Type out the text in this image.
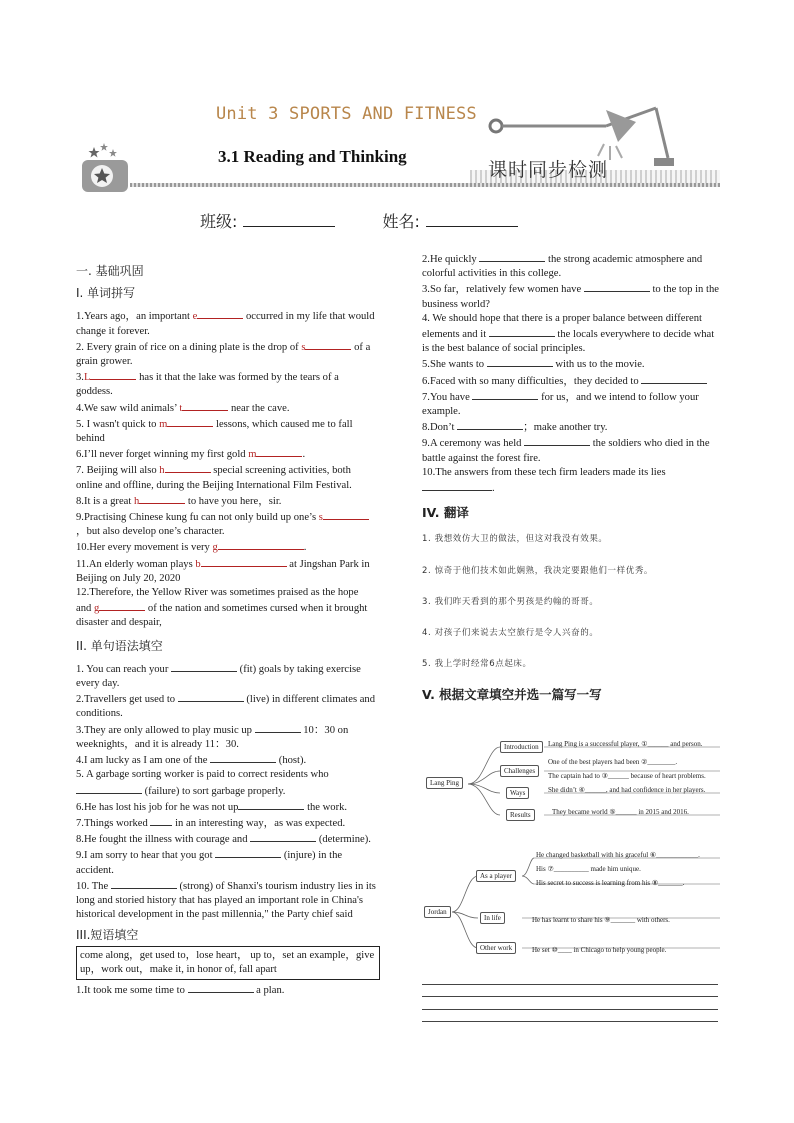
Unit 3 SPORTS AND FITNESS
3.1 Reading and Thinking
课时同步检测
班级:	姓名:
一. 基础巩固
I. 单词拼写
1.Years ago，an important e	occurred in my life that would change it forever.
2. Every grain of rice on a dining plate is the drop of s	of a grain grower.
3.L	has it that the lake was formed by the tears of a goddess.
4.We saw wild animals’ t	near the cave.
5. I wasn't quick to m	lessons, which caused me to fall behind
6.I’ll never forget winning my first gold m	.
7. Beijing will also h	special screening activities, both online and offline, during the Beijing International Film Festival.
8.It is a great h	to have you here，sir.
9.Practising Chinese kung fu can not only build up one’s s，but also develop one’s character.
10.Her every movement is very g	.
11.An elderly woman plays b	at Jingshan Park in Beijing on July 20, 2020
12.Therefore, the Yellow River was sometimes praised as the hope and g	of the nation and sometimes cursed when it brought disaster and despair,
II. 单句语法填空
1. You can reach your	(fit) goals by taking exercise every day.
2.Travellers get used to	(live) in different climates and conditions.
3.They are only allowed to play music up	10：30 on weeknights，and it is already 11：30.
4.I am lucky as I am one of the	(host).
5. A garbage sorting worker is paid to correct residents who  (failure) to sort garbage properly.
6.He has lost his job for he was not up	the work.
7.Things worked  in an interesting way，as was expected.
8.He fought the illness with courage and	(determine).
9.I am sorry to hear that you got	(injure) in the accident.
10. The	(strong) of Shanxi's tourism industry lies in its long and storied history that has played an important role in China's historical development in the past millennia," the Party chief said
III.短语填空
come along，get used to，lose heart， up to，set an example，give up，work out，make it, in honor of, fall apart
1.It took me some time to	a plan.
2.He quickly	the strong academic atmosphere and colorful activities in this college.
3.So far，relatively few women have	to the top in the business world?
4. We should hope that there is a proper balance between different elements and it	the locals everywhere to decide what is the best balance of social principles.
5.She wants to	with us to the movie.
6.Faced with so many difficulties，they decided to
7.You have	for us，and we intend to follow your example.
8.Don’t	；make another try.
9.A ceremony was held	the soldiers who died in the battle against the forest fire.
10.The answers from these tech firm leaders made its lies .
IV. 翻译
1. 我想效仿大卫的做法，但这对我没有效果。
2. 惊奇于他们技术如此娴熟，我决定要跟他们一样优秀。
3. 我们昨天看到的那个男孩是约翰的哥哥。
4. 对孩子们来说去太空旅行是令人兴奋的。
5. 我上学时经常6点起床。
V. 根据文章填空并选一篇写一写
Lang Ping
Introduction	Lang Ping is a successful player, ①______ and person.
Challenges
One of the best players had been ②________.
The captain had to ③______ because of heart problems.
Ways	She didn’t ④______, and had confidence in her players.
Results	They became world ⑤______ in 2015 and 2016.
Jordan
As a player
He changed basketball with his graceful ⑥____________.
His ⑦__________ made him unique.
His secret to success is learning from his ⑧_______.
In life	He has learnt to share his ⑨_______ with others.
Other work	He set ⑩____ in Chicago to help young people.
